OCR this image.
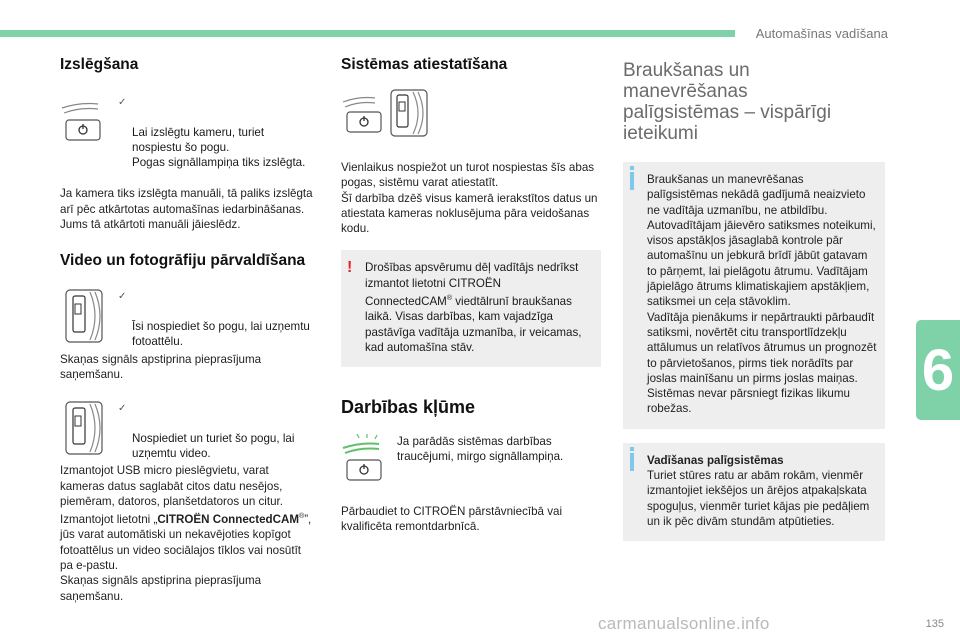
Automašīnas vadīšana
6
Izslēgšana

✓

Lai izslēgtu kameru, turiet nospiestu šo pogu.
Pogas signāllampiņa tiks izslēgta.

Ja kamera tiks izslēgta manuāli, tā paliks izslēgta arī pēc atkārtotas automašīnas iedarbināšanas. Jums tā atkārtoti manuāli jāieslēdz.

Video un fotogrāfiju pārvaldīšana

✓

Īsi nospiediet šo pogu, lai uzņemtu fotoattēlu.

Skaņas signāls apstiprina pieprasījuma saņemšanu.

✓

Nospiediet un turiet šo pogu, lai uzņemtu video.

Izmantojot USB micro pieslēgvietu, varat kameras datus saglabāt citos datu nesējos, piemēram, datoros, planšetdatoros un citur. Izmantojot lietotni „CITROËN ConnectedCAM®”, jūs varat automātiski un nekavējoties kopīgot fotoattēlus un video sociālajos tīklos vai nosūtīt pa e-pastu.
Skaņas signāls apstiprina pieprasījuma saņemšanu.

Sistēmas atiestatīšana

Vienlaikus nospiežot un turot nospiestas šīs abas pogas, sistēmu varat atiestatīt.
Šī darbība dzēš visus kamerā ierakstītos datus un atiestata kameras noklusējuma pāra veidošanas kodu.

! Drošības apsvērumu dēļ vadītājs nedrīkst izmantot lietotni CITROËN ConnectedCAM® viedtālrunī braukšanas laikā. Visas darbības, kam vajadzīga pastāvīga vadītāja uzmanība, ir veicamas, kad automašīna stāv.
Darbības kļūme
Ja parādās sistēmas darbības traucējumi, mirgo signāllampiņa.

Pārbaudiet to CITROËN pārstāvniecībā vai kvalificēta remontdarbnīcā.

Braukšanas un
manevrēšanas
palīgsistēmas – vispārīgi
ieteikumi

Braukšanas un manevrēšanas palīgsistēmas nekādā gadījumā neaizvieto ne vadītāja uzmanību, ne atbildību.
Autovadītājam jāievēro satiksmes noteikumi, visos apstākļos jāsaglabā kontrole pār automašīnu un jebkurā brīdī jābūt gatavam to pārņemt, lai pielāgotu ātrumu. Vadītājam jāpielāgo ātrums klimatiskajiem apstākļiem, satiksmei un ceļa stāvoklim.
Vadītāja pienākums ir nepārtraukti pārbaudīt satiksmi, novērtēt citu transportlīdzekļu attālumus un relatīvos ātrumus un prognozēt to pārvietošanos, pirms tiek norādīts par joslas mainīšanu un pirms joslas maiņas.
Sistēmas nevar pārsniegt fizikas likumu robežas.

Vadīšanas palīgsistēmas

Turiet stūres ratu ar abām rokām, vienmēr izmantojiet iekšējos un ārējos atpakaļskata spoguļus, vienmēr turiet kājas pie pedāļiem un ik pēc divām stundām atpūtieties.

carmanualsonline.info	135
